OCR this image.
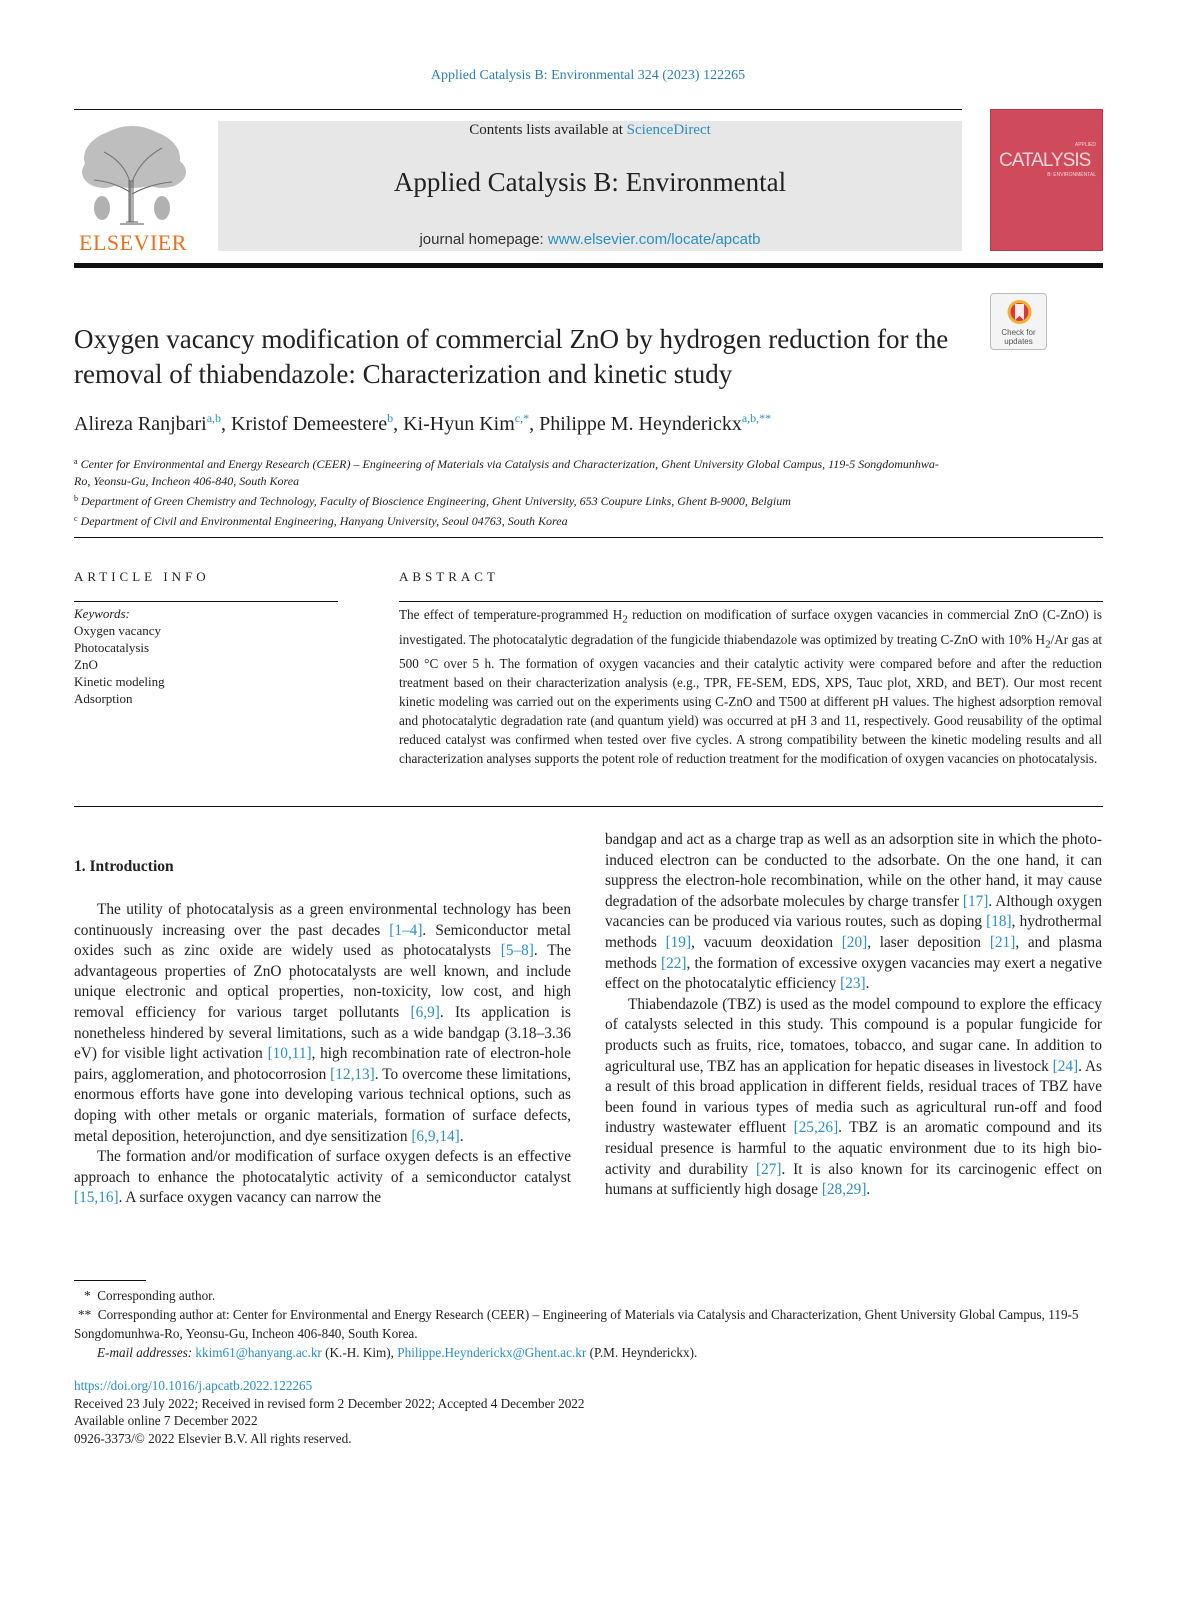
Applied Catalysis B: Environmental 324 (2023) 122265
ELSEVIER
Contents lists available at ScienceDirect
Applied Catalysis B: Environmental
journal homepage: www.elsevier.com/locate/apcatb
APPLIED
CATALYSIS
B: ENVIRONMENTAL
Check for
updates
Oxygen vacancy modification of commercial ZnO by hydrogen reduction for the removal of thiabendazole: Characterization and kinetic study
Alireza Ranjbari$^{a,b}$, Kristof Demeestere$^b$, Ki-Hyun Kim$^{c,*}$, Philippe M. Heynderickx$^{a,b,**}$
$^a$ Center for Environmental and Energy Research (CEER) – Engineering of Materials via Catalysis and Characterization, Ghent University Global Campus, 119-5 Songdomunhwa-Ro, Yeonsu-Gu, Incheon 406-840, South Korea
$^b$ Department of Green Chemistry and Technology, Faculty of Bioscience Engineering, Ghent University, 653 Coupure Links, Ghent B-9000, Belgium
$^c$ Department of Civil and Environmental Engineering, Hanyang University, Seoul 04763, South Korea
ARTICLE INFO	ABSTRACT
Keywords:
Oxygen vacancy
Photocatalysis
ZnO
Kinetic modeling
Adsorption
The effect of temperature-programmed $H_2$ reduction on modification of surface oxygen vacancies in commercial ZnO (C-ZnO) is investigated. The photocatalytic degradation of the fungicide thiabendazole was optimized by treating C-ZnO with 10% $H_2/Ar$ gas at 500 °C over 5 h. The formation of oxygen vacancies and their catalytic activity were compared before and after the reduction treatment based on their characterization analysis (e.g., TPR, FE-SEM, EDS, XPS, Tauc plot, XRD, and BET). Our most recent kinetic modeling was carried out on the experiments using C-ZnO and T500 at different pH values. The highest adsorption removal and photocatalytic degradation rate (and quantum yield) was occurred at pH 3 and 11, respectively. Good reusability of the optimal reduced catalyst was confirmed when tested over five cycles. A strong compatibility between the kinetic modeling results and all characterization analyses supports the potent role of reduction treatment for the modification of oxygen vacancies on photocatalysis.
1. Introduction

The utility of photocatalysis as a green environmental technology has been continuously increasing over the past decades [1–4]. Semiconductor metal oxides such as zinc oxide are widely used as photocatalysts [5–8]. The advantageous properties of ZnO photocatalysts are well known, and include unique electronic and optical properties, non-toxicity, low cost, and high removal efficiency for various target pollutants [6,9]. Its application is nonetheless hindered by several limitations, such as a wide bandgap (3.18–3.36 eV) for visible light activation [10,11], high recombination rate of electron-hole pairs, agglomeration, and photocorrosion [12,13]. To overcome these limitations, enormous efforts have gone into developing various technical options, such as doping with other metals or organic materials, formation of surface defects, metal deposition, heterojunction, and dye sensitization [6,9,14].

The formation and/or modification of surface oxygen defects is an effective approach to enhance the photocatalytic activity of a semiconductor catalyst [15,16]. A surface oxygen vacancy can narrow the

bandgap and act as a charge trap as well as an adsorption site in which the photo-induced electron can be conducted to the adsorbate. On the one hand, it can suppress the electron-hole recombination, while on the other hand, it may cause degradation of the adsorbate molecules by charge transfer [17]. Although oxygen vacancies can be produced via various routes, such as doping [18], hydrothermal methods [19], vacuum deoxidation [20], laser deposition [21], and plasma methods [22], the formation of excessive oxygen vacancies may exert a negative effect on the photocatalytic efficiency [23].

Thiabendazole (TBZ) is used as the model compound to explore the efficacy of catalysts selected in this study. This compound is a popular fungicide for products such as fruits, rice, tomatoes, tobacco, and sugar cane. In addition to agricultural use, TBZ has an application for hepatic diseases in livestock [24]. As a result of this broad application in different fields, residual traces of TBZ have been found in various types of media such as agricultural run-off and food industry wastewater effluent [25,26]. TBZ is an aromatic compound and its residual presence is harmful to the aquatic environment due to its high bio-activity and durability [27]. It is also known for its carcinogenic effect on humans at sufficiently high dosage [28,29].

* Corresponding author.
** Corresponding author at: Center for Environmental and Energy Research (CEER) – Engineering of Materials via Catalysis and Characterization, Ghent University Global Campus, 119-5 Songdomunhwa-Ro, Yeonsu-Gu, Incheon 406-840, South Korea.
E-mail addresses: kkim61@hanyang.ac.kr (K.-H. Kim), Philippe.Heynderickx@Ghent.ac.kr (P.M. Heynderickx).
https://doi.org/10.1016/j.apcatb.2022.122265
Received 23 July 2022; Received in revised form 2 December 2022; Accepted 4 December 2022
Available online 7 December 2022
0926-3373/© 2022 Elsevier B.V. All rights reserved.
